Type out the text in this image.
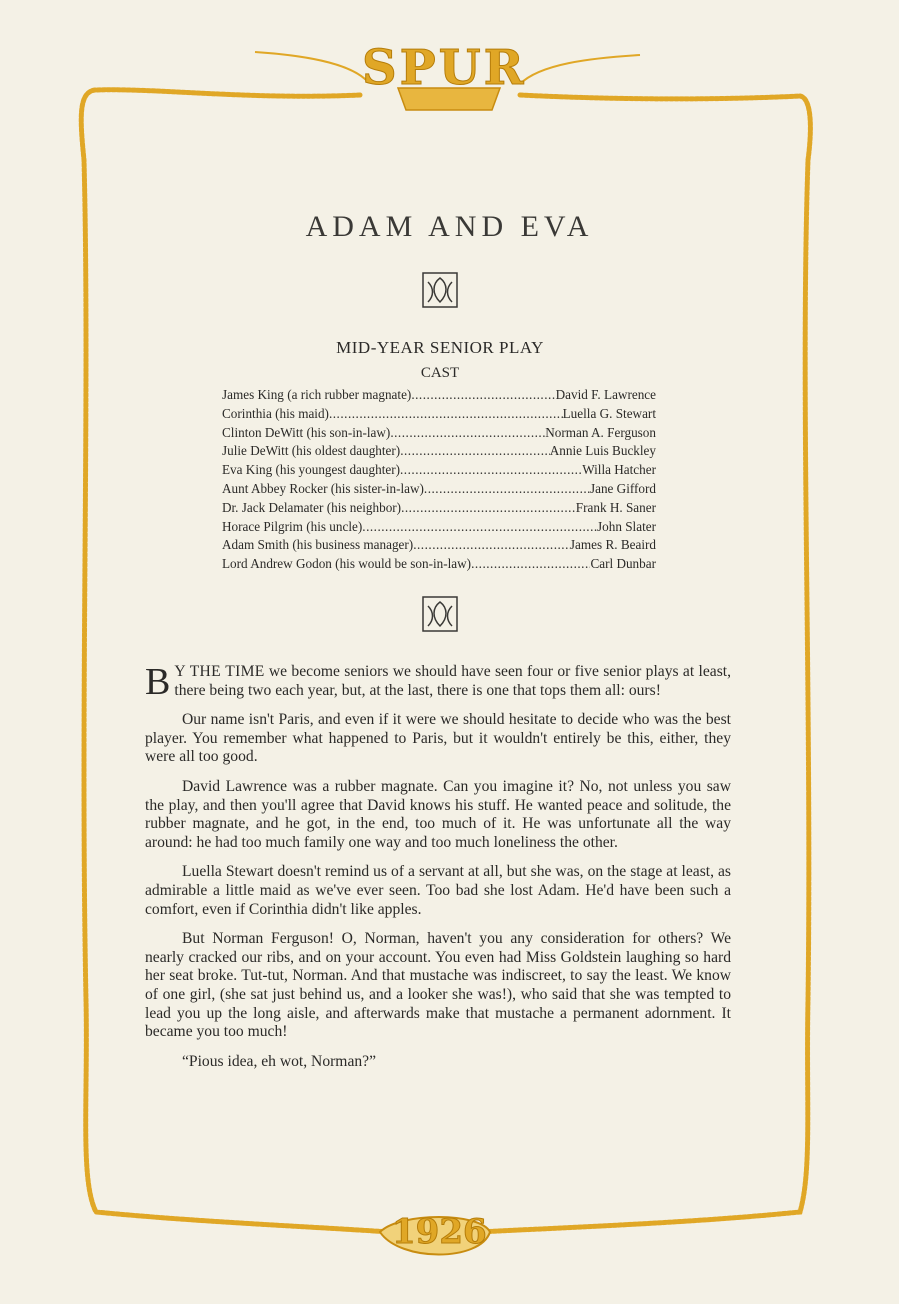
SPUR
1926
ADAM AND EVA
MID-YEAR SENIOR PLAY
CAST
James King (a rich rubber magnate) .....	David F. Lawrence
Corinthia (his maid) .....	Luella G. Stewart
Clinton DeWitt (his son-in-law) .....	Norman A. Ferguson
Julie DeWitt (his oldest daughter) .....	Annie Luis Buckley
Eva King (his youngest daughter) .....	Willa Hatcher
Aunt Abbey Rocker (his sister-in-law) .....	Jane Gifford
Dr. Jack Delamater (his neighbor) .....	Frank H. Saner
Horace Pilgrim (his uncle) .....	John Slater
Adam Smith (his business manager) .....	James R. Beaird
Lord Andrew Godon (his would be son-in-law) .....	Carl Dunbar

B Y THE TIME we become seniors we should have seen four or five senior plays at least, there being two each year, but, at the last, there is one that tops them all: ours!

Our name isn't Paris, and even if it were we should hesitate to decide who was the best player. You remember what happened to Paris, but it wouldn't entirely be this, either, they were all too good.

David Lawrence was a rubber magnate. Can you imagine it? No, not unless you saw the play, and then you'll agree that David knows his stuff. He wanted peace and solitude, the rubber magnate, and he got, in the end, too much of it. He was unfortunate all the way around: he had too much family one way and too much loneliness the other.

Luella Stewart doesn't remind us of a servant at all, but she was, on the stage at least, as admirable a little maid as we've ever seen. Too bad she lost Adam. He'd have been such a comfort, even if Corinthia didn't like apples.

But Norman Ferguson! O, Norman, haven't you any consideration for others? We nearly cracked our ribs, and on your account. You even had Miss Goldstein laughing so hard her seat broke. Tut-tut, Norman. And that mustache was indiscreet, to say the least. We know of one girl, (she sat just behind us, and a looker she was!), who said that she was tempted to lead you up the long aisle, and afterwards make that mustache a permanent adornment. It became you too much!

“Pious idea, eh wot, Norman?”
